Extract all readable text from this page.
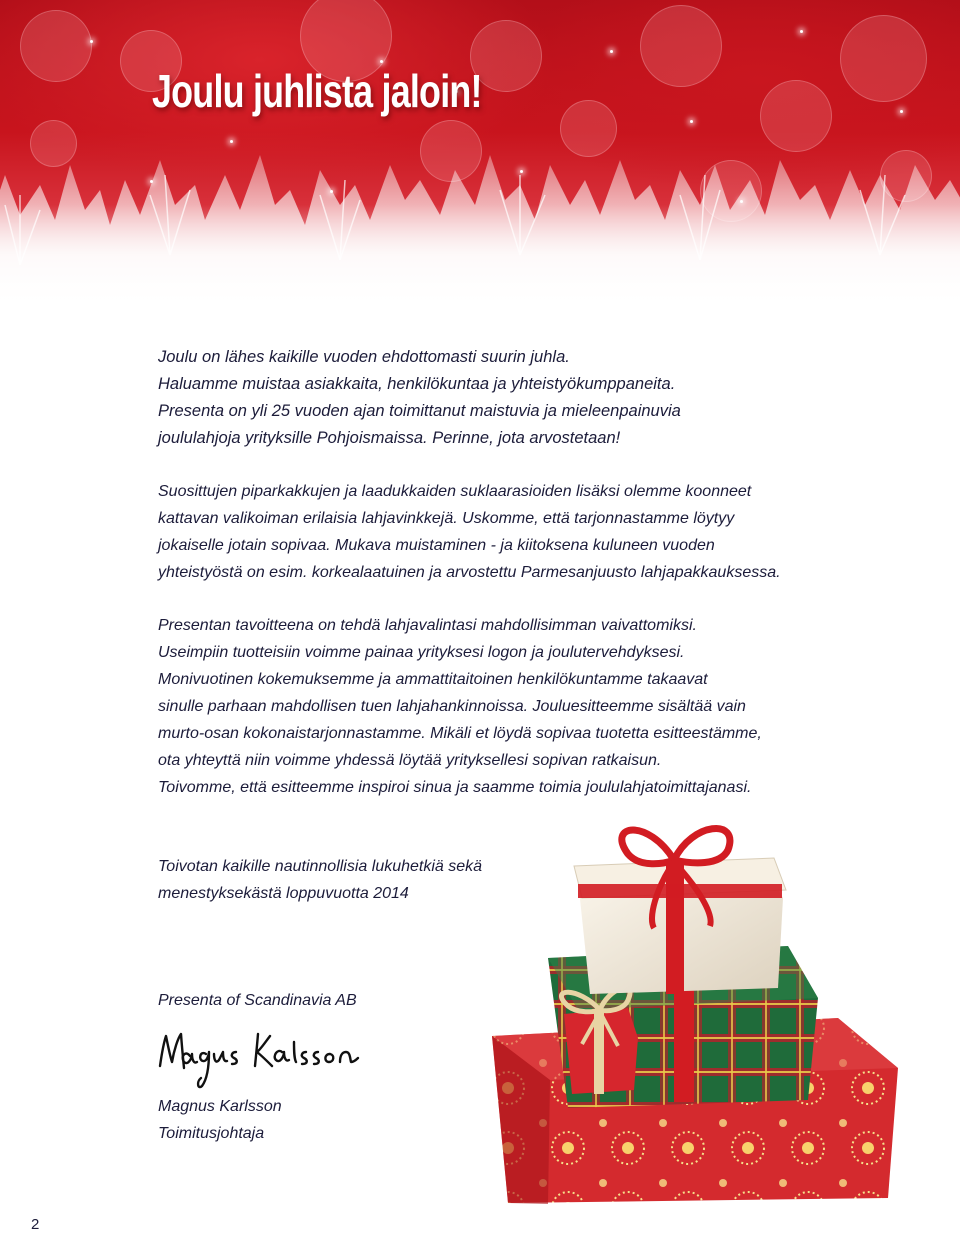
Joulu juhlista jaloin!

Joulu on lähes kaikille vuoden ehdottomasti suurin juhla.

Haluamme muistaa asiakkaita, henkilökuntaa ja yhteistyökumppaneita.

Presenta on yli 25 vuoden ajan toimittanut maistuvia ja mieleenpainuvia

joululahjoja yrityksille Pohjoismaissa. Perinne, jota arvostetaan!

Suosittujen piparkakkujen ja laadukkaiden suklaarasioiden lisäksi olemme koonneet

kattavan valikoiman erilaisia lahjavinkkejä. Uskomme, että tarjonnastamme löytyy

jokaiselle jotain sopivaa. Mukava muistaminen - ja kiitoksena kuluneen vuoden

yhteistyöstä on esim. korkealaatuinen ja arvostettu Parmesanjuusto lahjapakkauksessa.

Presentan tavoitteena on tehdä lahjavalintasi mahdollisimman vaivattomiksi.

Useimpiin tuotteisiin voimme painaa yrityksesi logon ja joulutervehdyksesi.

Monivuotinen kokemuksemme ja ammattitaitoinen henkilökuntamme takaavat

sinulle parhaan mahdollisen tuen lahjahankinnoissa. Jouluesitteemme sisältää vain

murto-osan kokonaistarjonnastamme. Mikäli et löydä sopivaa tuotetta esitteestämme,

ota yhteyttä niin voimme yhdessä löytää yrityksellesi sopivan ratkaisun.

Toivomme, että esitteemme inspiroi sinua ja saamme toimia joululahjatoimittajanasi.

Toivotan kaikille nautinnollisia lukuhetkiä sekä

menestyksekästä loppuvuotta 2014

Presenta of Scandinavia AB

Magnus Karlsson

Toimitusjohtaja

2
